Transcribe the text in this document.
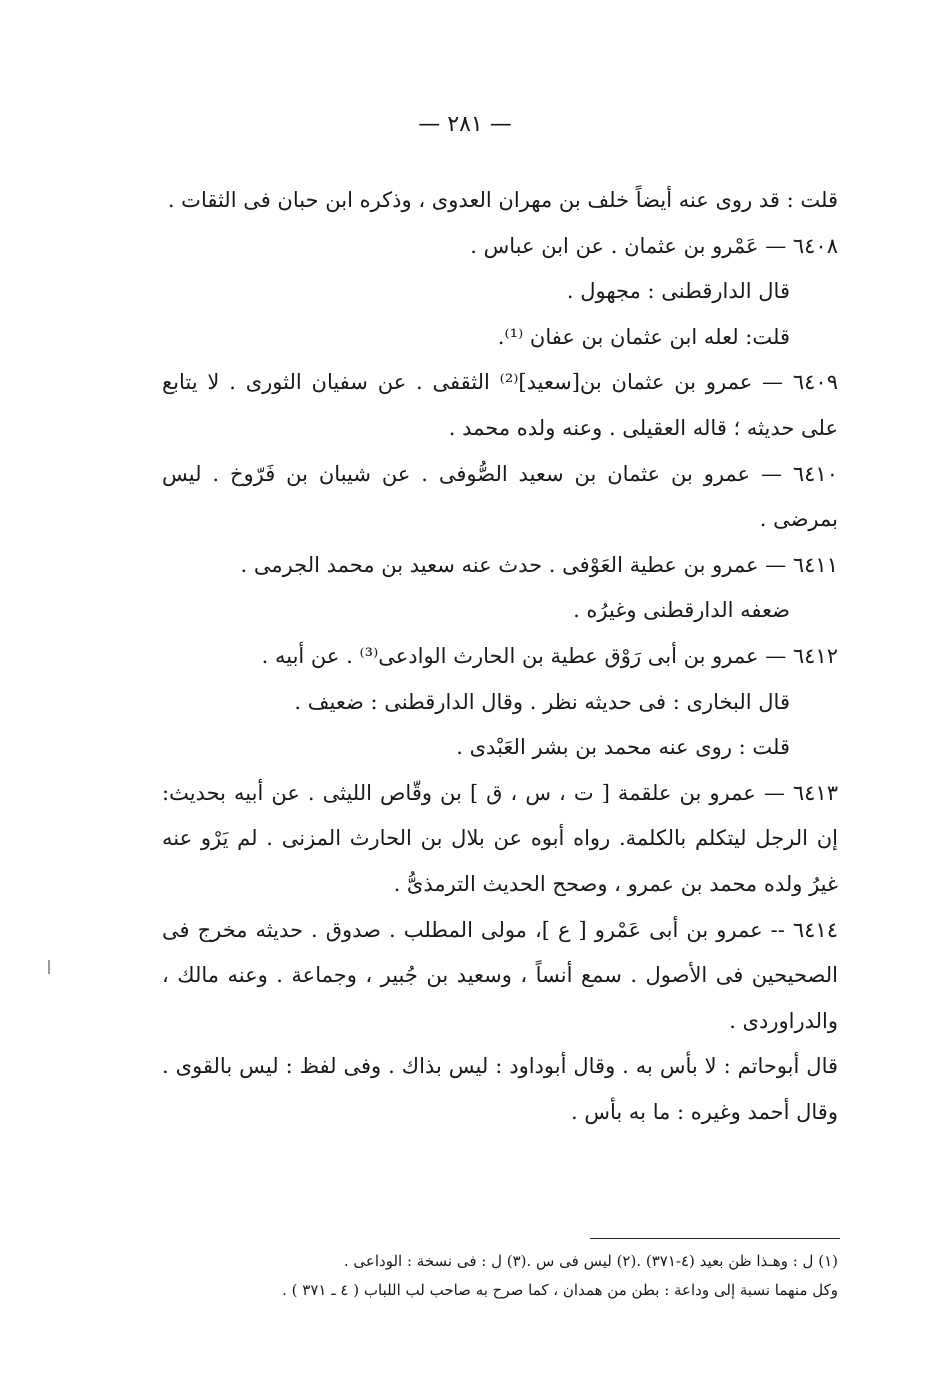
— ٢٨١ —

قلت : قد روى عنه أيضاً خلف بن مهران العدوى ، وذكره ابن حبان فى الثقات .

٦٤٠٨ — عَمْرو بن عثمان . عن ابن عباس .

قال الدارقطنى : مجهول .

قلت: لعله ابن عثمان بن عفان ⁽¹⁾.

٦٤٠٩ — عمرو بن عثمان بن[سعيد]⁽²⁾ الثقفى . عن سفيان الثورى . لا يتابع على حديثه ؛ قاله العقيلى . وعنه ولده محمد .

٦٤١٠ — عمرو بن عثمان بن سعيد الصُّوفى . عن شيبان بن فَرّوخ . ليس بمرضى .

٦٤١١ — عمرو بن عطية العَوْفى . حدث عنه سعيد بن محمد الجرمى .

ضعفه الدارقطنى وغيرُه .

٦٤١٢ — عمرو بن أبى رَوْق عطية بن الحارث الوادعى⁽³⁾ . عن أبيه .

قال البخارى : فى حديثه نظر . وقال الدارقطنى : ضعيف .

قلت : روى عنه محمد بن بشر العَبْدى .

٦٤١٣ — عمرو بن علقمة [ ت ، س ، ق ] بن وقّاص الليثى . عن أبيه بحديث: إن الرجل ليتكلم بالكلمة. رواه أبوه عن بلال بن الحارث المزنى . لم يَرْو عنه غيرُ ولده محمد بن عمرو ، وصحح الحديث الترمذىُّ .

٦٤١٤ -- عمرو بن أبى عَمْرو [ ع ]، مولى المطلب . صدوق . حديثه مخرج فى الصحيحين فى الأصول . سمع أنساً ، وسعيد بن جُبير ، وجماعة . وعنه مالك ، والدراوردى .

قال أبوحاتم : لا بأس به . وقال أبوداود : ليس بذاك . وفى لفظ : ليس بالقوى . وقال أحمد وغيره : ما به بأس .

(١) ل : وهـذا ظن بعيد (٤-٣٧١) .(٢) ليس فى س .(٣) ل : فى نسخة : الوداعى .

وكل منهما نسبة إلى وداعة : بطن من همدان ، كما صرح به صاحب لب اللباب ( ٤ ـ ٣٧١ ) .
